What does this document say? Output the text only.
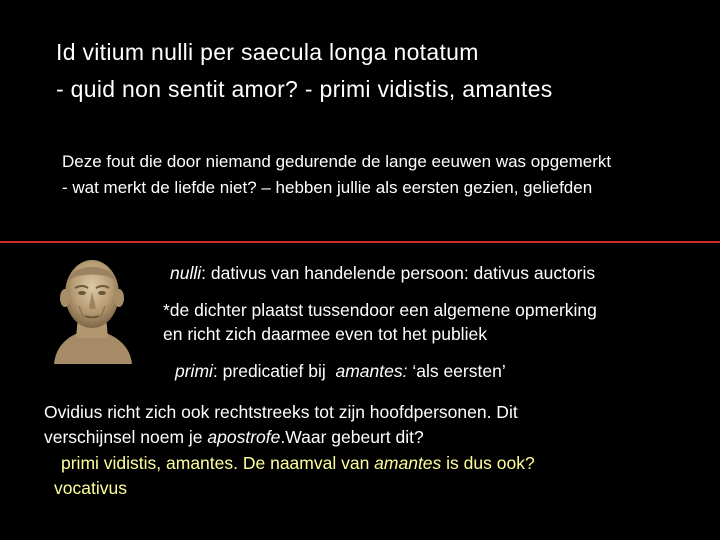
Id vitium nulli per saecula longa notatum
- quid non sentit amor? - primi vidistis, amantes
Deze fout die door niemand gedurende de lange eeuwen was opgemerkt
- wat merkt de liefde niet? – hebben jullie als eersten gezien, geliefden
nulli: dativus van handelende persoon: dativus auctoris
*de dichter plaatst tussendoor een algemene opmerking
en richt zich daarmee even tot het publiek
primi: predicatief bij  amantes: ‘als eersten’
Ovidius richt zich ook rechtstreeks tot zijn hoofdpersonen. Dit
verschijnsel noem je apostrofe.Waar gebeurt dit?
primi vidistis, amantes. De naamval van amantes is dus ook?
vocativus
